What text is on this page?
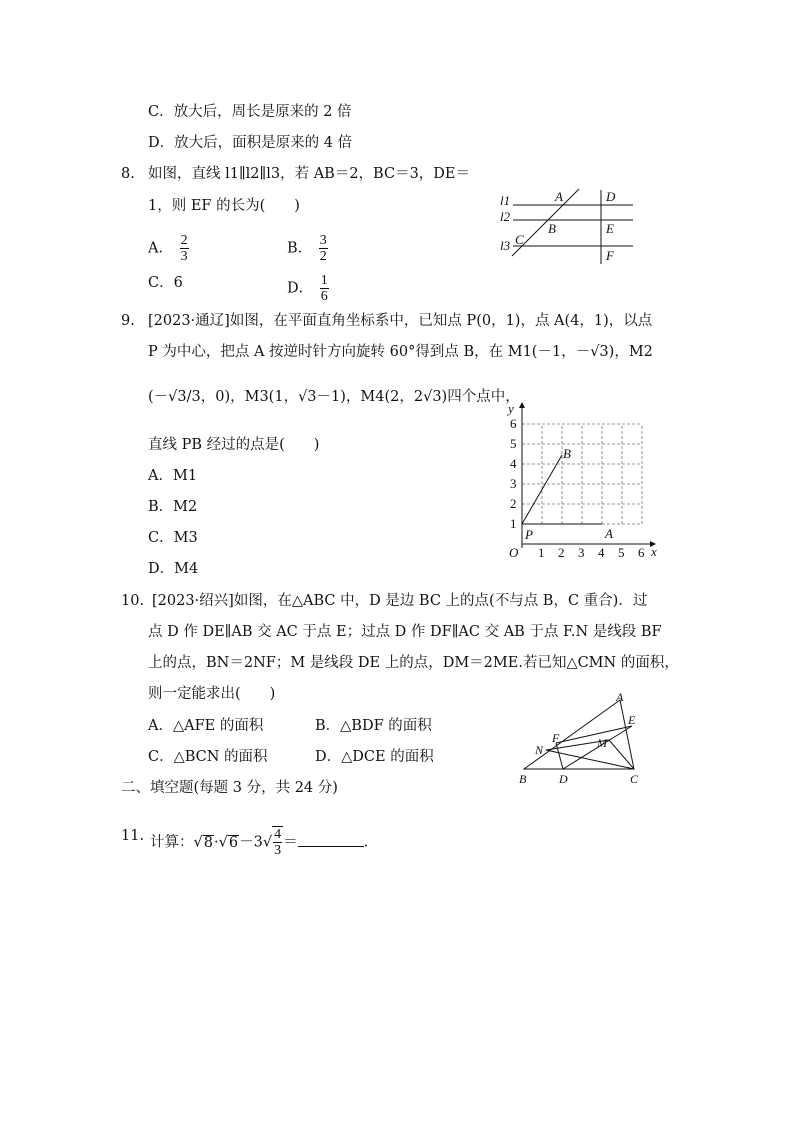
C．放大后，周长是原来的 2 倍
D．放大后，面积是原来的 4 倍
8. 如图，直线 l1∥l2∥l3，若 AB＝2，BC＝3，DE＝
1，则 EF 的长为(　　)
A． $\frac{2}{3}$	B． $\frac{3}{2}$
C．6	D． $\frac{1}{6}$
l1
l2
l3
A
B
C
D
E
F
9. [2023·通辽]如图，在平面直角坐标系中，已知点 P(0，1)，点 A(4，1)，以点
P 为中心，把点 A 按逆时针方向旋转 60°得到点 B，在 M1(－1，－√3)，M2
(－√3/3，0)，M3(1，√3－1)，M4(2，2√3)四个点中，
直线 PB 经过的点是(　　)
A．M1
B．M2
C．M3
D．M4
1 2 3 4 5 6
1
2
3
4
5
6
O	x
y
P	A
B
10. [2023·绍兴]如图，在△ABC 中，D 是边 BC 上的点(不与点 B，C 重合)．过
点 D 作 DE∥AB 交 AC 于点 E；过点 D 作 DF∥AC 交 AB 于点 F.N 是线段 BF
上的点，BN＝2NF；M 是线段 DE 上的点，DM＝2ME.若已知△CMN 的面积，
则一定能求出(　　)
A．△AFE 的面积	B．△BDF 的面积
C．△BCN 的面积	D．△DCE 的面积
A
B	C
D
E
F	M
N
二、填空题(每题 3 分，共 24 分)
11. 计算：$√8\cdot√6-3√ \frac{4}{3}$ ＝	.
